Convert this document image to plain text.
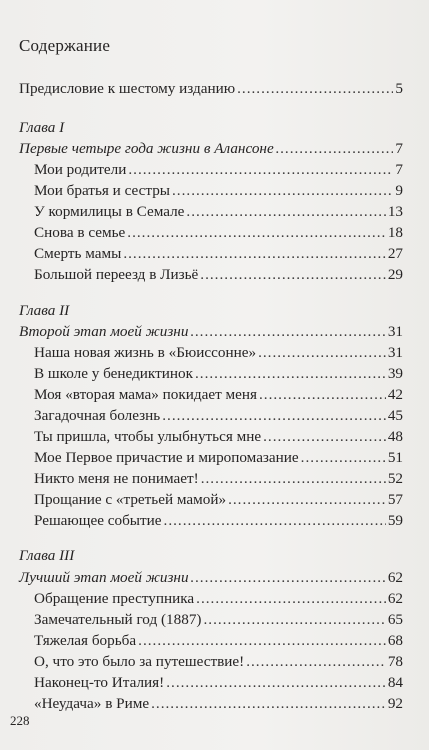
Содержание
Предисловие к шестому изданию .....	5
Глава I
Первые четыре года жизни в Алансоне .....	7
Мои родители .....	7
Мои братья и сестры .....	9
У кормилицы в Семале .....	13
Снова в семье .....	18
Смерть мамы .....	27
Большой переезд в Лизьё .....	29
Глава II
Второй этап моей жизни .....	31
Наша новая жизнь в «Бюиссонне» .....	31
В школе у бенедиктинок .....	39
Моя «вторая мама» покидает меня .....	42
Загадочная болезнь .....	45
Ты пришла, чтобы улыбнуться мне .....	48
Мое Первое причастие и миропомазание .....	51
Никто меня не понимает! .....	52
Прощание с «третьей мамой» .....	57
Решающее событие .....	59
Глава III
Лучший этап моей жизни .....	62
Обращение преступника .....	62
Замечательный год (1887) .....	65
Тяжелая борьба .....	68
О, что это было за путешествие! .....	78
Наконец-то Италия! .....	84
«Неудача» в Риме .....	92
228
